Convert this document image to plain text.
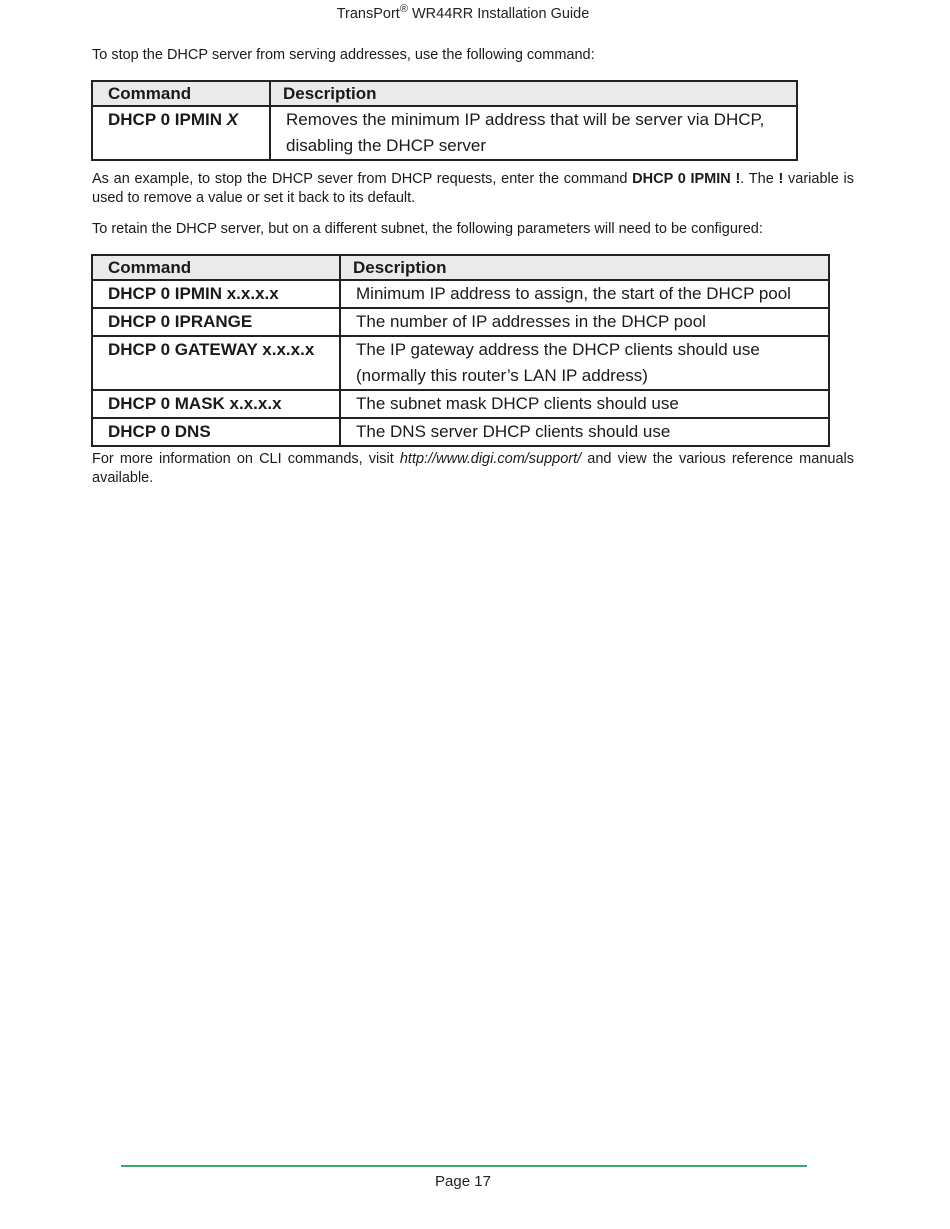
TransPort® WR44RR Installation Guide

To stop the DHCP server from serving addresses, use the following command:

Command	Description
DHCP 0 IPMIN X	Removes the minimum IP address that will be server via DHCP,
disabling the DHCP server

As an example, to stop the DHCP sever from DHCP requests, enter the command DHCP 0 IPMIN !. The ! variable is used to remove a value or set it back to its default.

To retain the DHCP server, but on a different subnet, the following parameters will need to be configured:

Command	Description
DHCP 0 IPMIN x.x.x.x	Minimum IP address to assign, the start of the DHCP pool
DHCP 0 IPRANGE	The number of IP addresses in the DHCP pool
DHCP 0 GATEWAY x.x.x.x	The IP gateway address the DHCP clients should use
(normally this router’s LAN IP address)

DHCP 0 MASK x.x.x.x	The subnet mask DHCP clients should use
DHCP 0 DNS	The DNS server DHCP clients should use

For more information on CLI commands, visit http://www.digi.com/support/ and view the various reference manuals available.

Page 17
